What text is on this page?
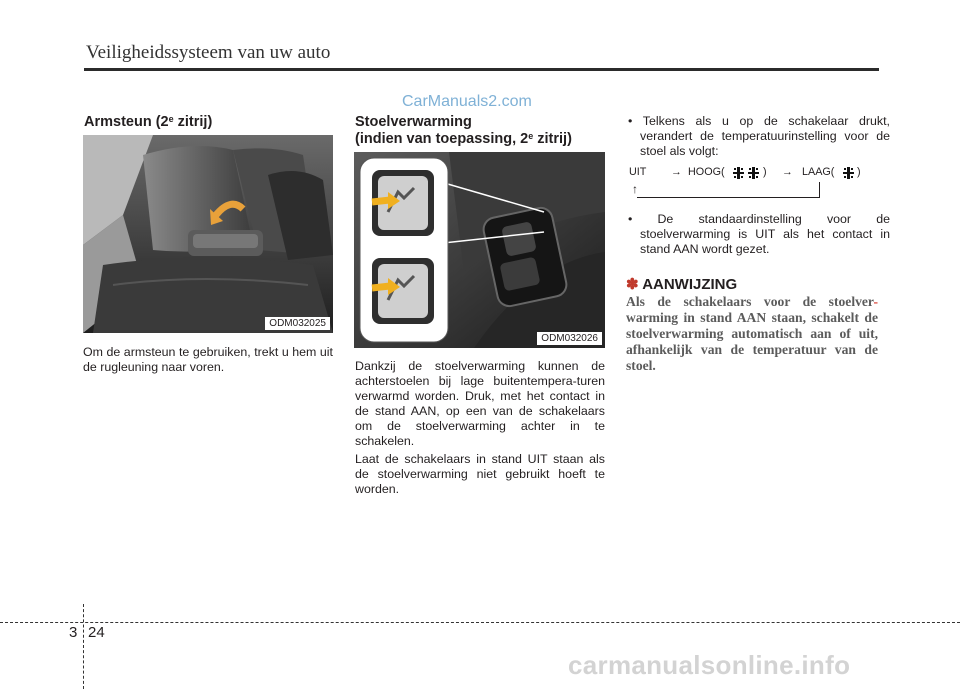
Veiligheidssysteem van uw auto
CarManuals2.com
Armsteun (2e zitrij)
ODM032025

Om de armsteun te gebruiken, trekt u hem uit de rugleuning naar voren.

Stoelverwarming
(indien van toepassing, 2e zitrij)
ODM032026

Dankzij de stoelverwarming kunnen de achterstoelen bij lage buitentempera-turen verwarmd worden. Druk, met het contact in de stand AAN, op een van de schakelaars om de stoelverwarming achter in te schakelen.

Laat de schakelaars in stand UIT staan als de stoelverwarming niet gebruikt hoeft te worden.

• Telkens als u op de schakelaar drukt, verandert de temperatuurinstelling voor de stoel als volgt:
UIT → HOOG(	) → LAAG( )
↑
• De standaardinstelling voor de stoelverwarming is UIT als het contact in stand AAN wordt gezet.
✽ AANWIJZING
Als de schakelaars voor de stoelver- warming in stand AAN staan, schakelt de stoelverwarming automatisch aan of uit, afhankelijk van de temperatuur van de stoel.
3 24
carmanualsonline.info
